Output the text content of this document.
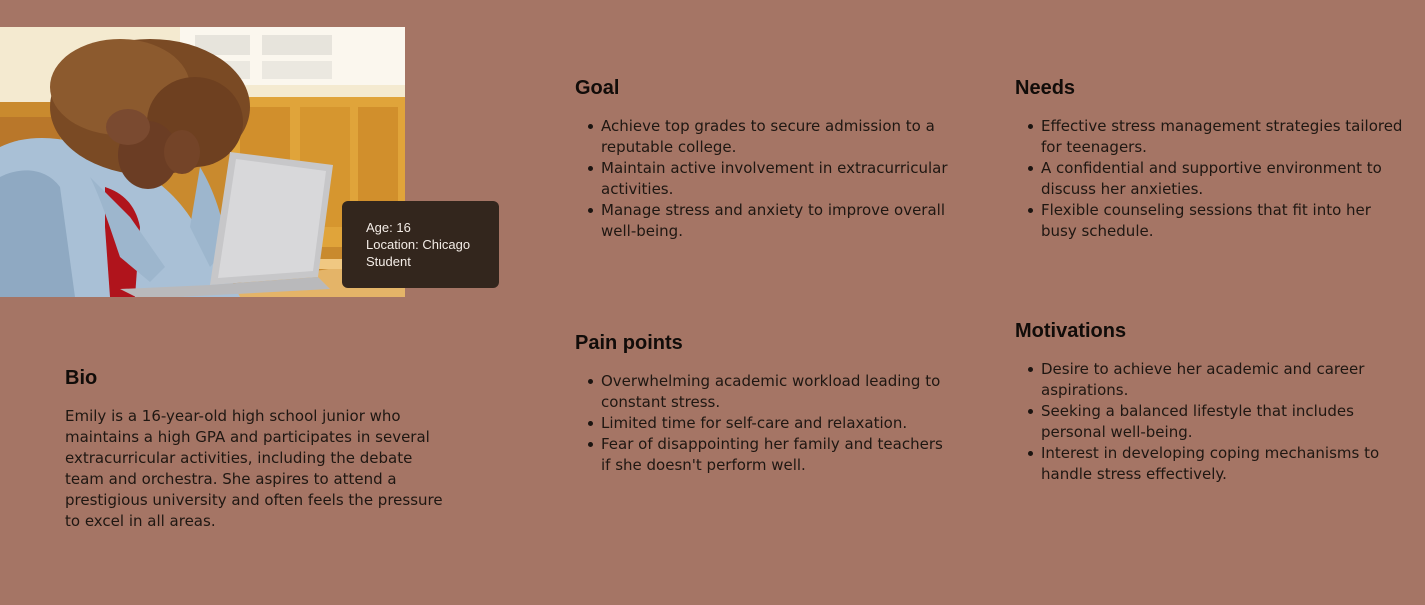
Age: 16
Location: Chicago
Student
Goal
Achieve top grades to secure admission to a reputable college.
Maintain active involvement in extracurricular activities.
Manage stress and anxiety to improve overall well-being.
Needs
Effective stress management strategies tailored for teenagers.
A confidential and supportive environment to discuss her anxieties.
Flexible counseling sessions that fit into her busy schedule.
Pain points
Overwhelming academic workload leading to constant stress.
Limited time for self-care and relaxation.
Fear of disappointing her family and teachers if she doesn't perform well.
Motivations
Desire to achieve her academic and career aspirations.
Seeking a balanced lifestyle that includes personal well-being.
Interest in developing coping mechanisms to handle stress effectively.
Bio

Emily is a 16-year-old high school junior who maintains a high GPA and participates in several extracurricular activities, including the debate team and orchestra. She aspires to attend a prestigious university and often feels the pressure to excel in all areas.
